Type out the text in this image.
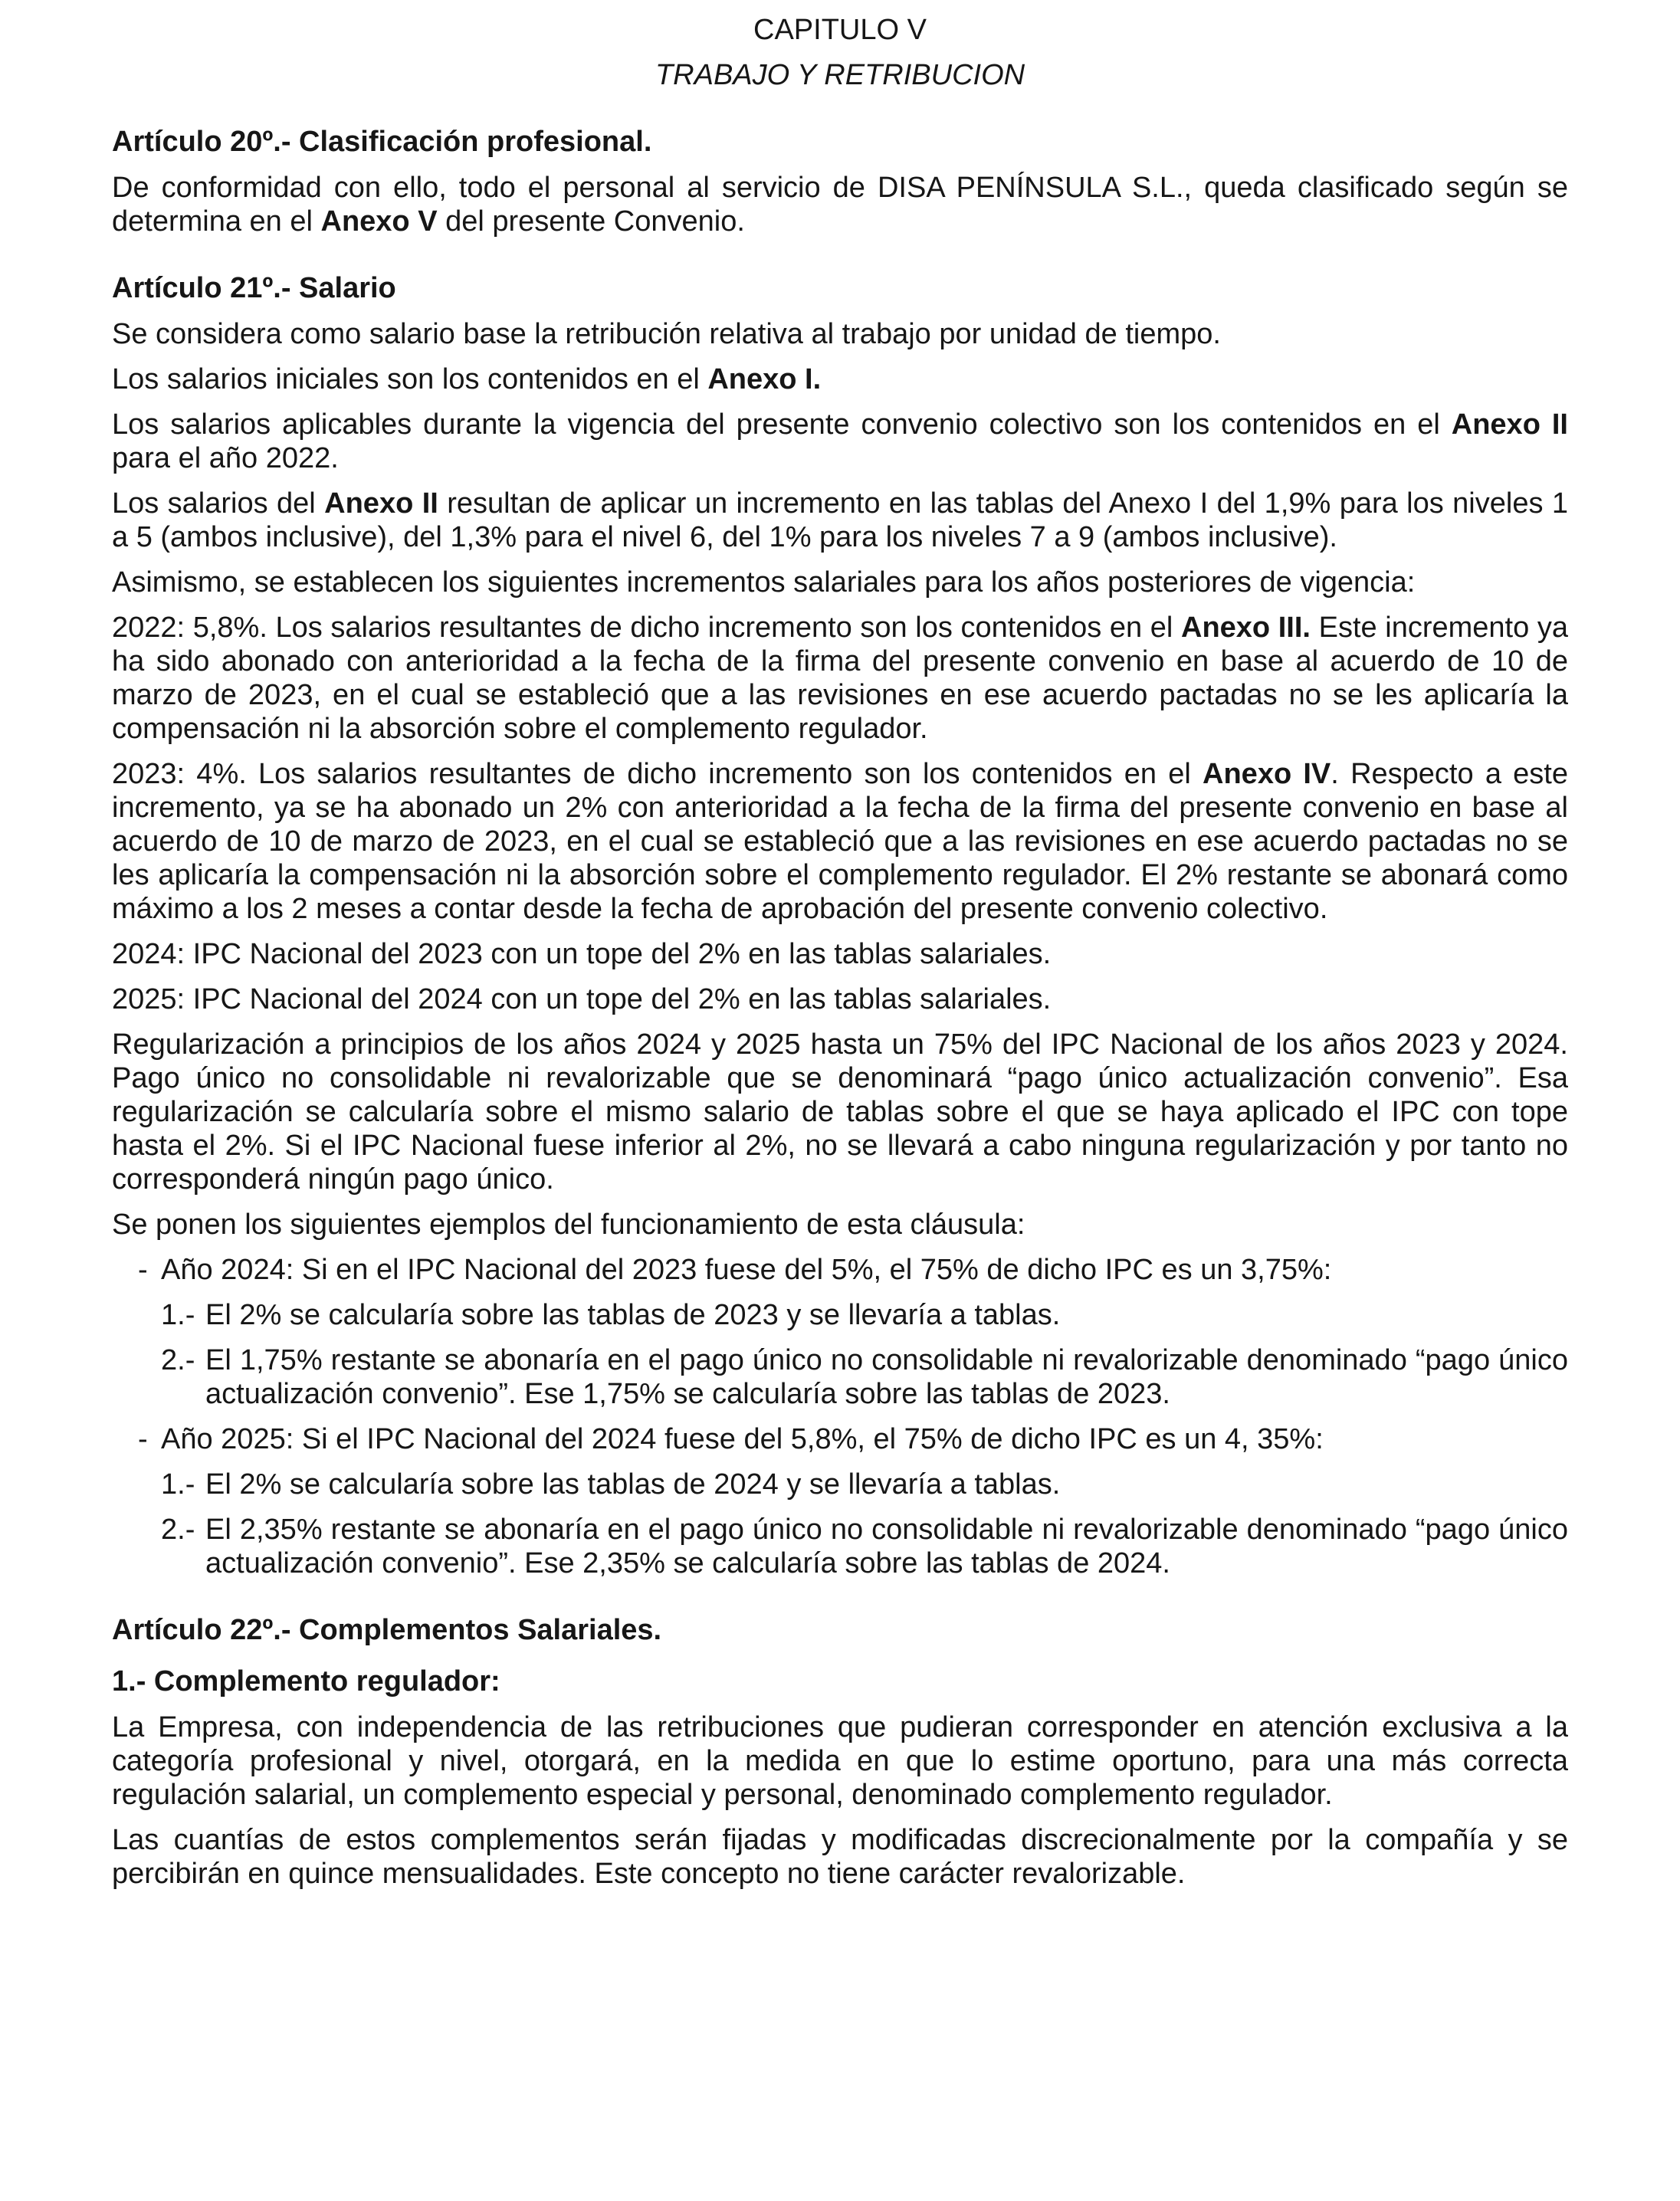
CAPITULO V
TRABAJO Y RETRIBUCION
Artículo 20º.- Clasificación profesional.

De conformidad con ello, todo el personal al servicio de DISA PENÍNSULA S.L., queda clasificado según se determina en el Anexo V del presente Convenio.

Artículo 21º.- Salario

Se considera como salario base la retribución relativa al trabajo por unidad de tiempo.

Los salarios iniciales son los contenidos en el Anexo I.

Los salarios aplicables durante la vigencia del presente convenio colectivo son los contenidos en el Anexo II para el año 2022.

Los salarios del Anexo II resultan de aplicar un incremento en las tablas del Anexo I del 1,9% para los niveles 1 a 5 (ambos inclusive), del 1,3% para el nivel 6, del 1% para los niveles 7 a 9 (ambos inclusive).

Asimismo, se establecen los siguientes incrementos salariales para los años posteriores de vigencia:

2022: 5,8%. Los salarios resultantes de dicho incremento son los contenidos en el Anexo III. Este incremento ya ha sido abonado con anterioridad a la fecha de la firma del presente convenio en base al acuerdo de 10 de marzo de 2023, en el cual se estableció que a las revisiones en ese acuerdo pactadas no se les aplicaría la compensación ni la absorción sobre el complemento regulador.

2023: 4%. Los salarios resultantes de dicho incremento son los contenidos en el Anexo IV. Respecto a este incremento, ya se ha abonado un 2% con anterioridad a la fecha de la firma del presente convenio en base al acuerdo de 10 de marzo de 2023, en el cual se estableció que a las revisiones en ese acuerdo pactadas no se les aplicaría la compensación ni la absorción sobre el complemento regulador. El 2% restante se abonará como máximo a los 2 meses a contar desde la fecha de aprobación del presente convenio colectivo.

2024: IPC Nacional del 2023 con un tope del 2% en las tablas salariales.

2025: IPC Nacional del 2024 con un tope del 2% en las tablas salariales.

Regularización a principios de los años 2024 y 2025 hasta un 75% del IPC Nacional de los años 2023 y 2024. Pago único no consolidable ni revalorizable que se denominará “pago único actualización convenio”. Esa regularización se calcularía sobre el mismo salario de tablas sobre el que se haya aplicado el IPC con tope hasta el 2%. Si el IPC Nacional fuese inferior al 2%, no se llevará a cabo ninguna regularización y por tanto no corresponderá ningún pago único.

Se ponen los siguientes ejemplos del funcionamiento de esta cláusula:

- Año 2024: Si en el IPC Nacional del 2023 fuese del 5%, el 75% de dicho IPC es un 3,75%:
1.- El 2% se calcularía sobre las tablas de 2023 y se llevaría a tablas.
2.- El 1,75% restante se abonaría en el pago único no consolidable ni revalorizable denominado “pago único actualización convenio”. Ese 1,75% se calcularía sobre las tablas de 2023.
- Año 2025: Si el IPC Nacional del 2024 fuese del 5,8%, el 75% de dicho IPC es un 4, 35%:
1.- El 2% se calcularía sobre las tablas de 2024 y se llevaría a tablas.
2.- El 2,35% restante se abonaría en el pago único no consolidable ni revalorizable denominado “pago único actualización convenio”. Ese 2,35% se calcularía sobre las tablas de 2024.
Artículo 22º.- Complementos Salariales.
1.- Complemento regulador:

La Empresa, con independencia de las retribuciones que pudieran corresponder en atención exclusiva a la categoría profesional y nivel, otorgará, en la medida en que lo estime oportuno, para una más correcta regulación salarial, un complemento especial y personal, denominado complemento regulador.

Las cuantías de estos complementos serán fijadas y modificadas discrecionalmente por la compañía y se percibirán en quince mensualidades. Este concepto no tiene carácter revalorizable.
